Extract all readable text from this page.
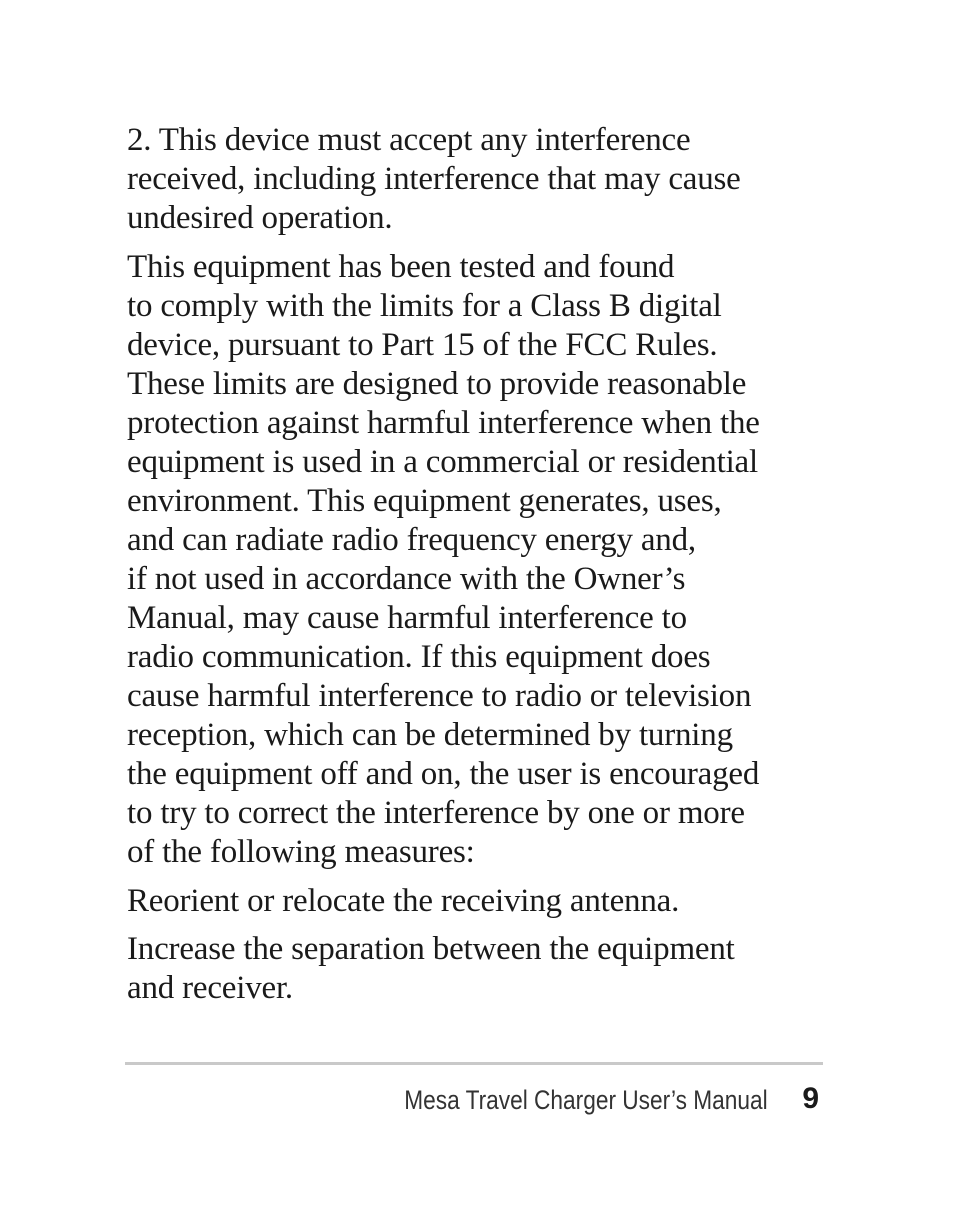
2. This device must accept any interference
received, including interference that may cause
undesired operation.
This equipment has been tested and found
to comply with the limits for a Class B digital
device, pursuant to Part 15 of the FCC Rules.
These limits are designed to provide reasonable
protection against harmful interference when the
equipment is used in a commercial or residential
environment. This equipment generates, uses,
and can radiate radio frequency energy and,
if not used in accordance with the Owner’s
Manual, may cause harmful interference to
radio communication. If this equipment does
cause harmful interference to radio or television
reception, which can be determined by turning
the equipment off and on, the user is encouraged
to try to correct the interference by one or more
of the following measures:
Reorient or relocate the receiving antenna.
Increase the separation between the equipment
and receiver.
Mesa Travel Charger User’s Manual 9
